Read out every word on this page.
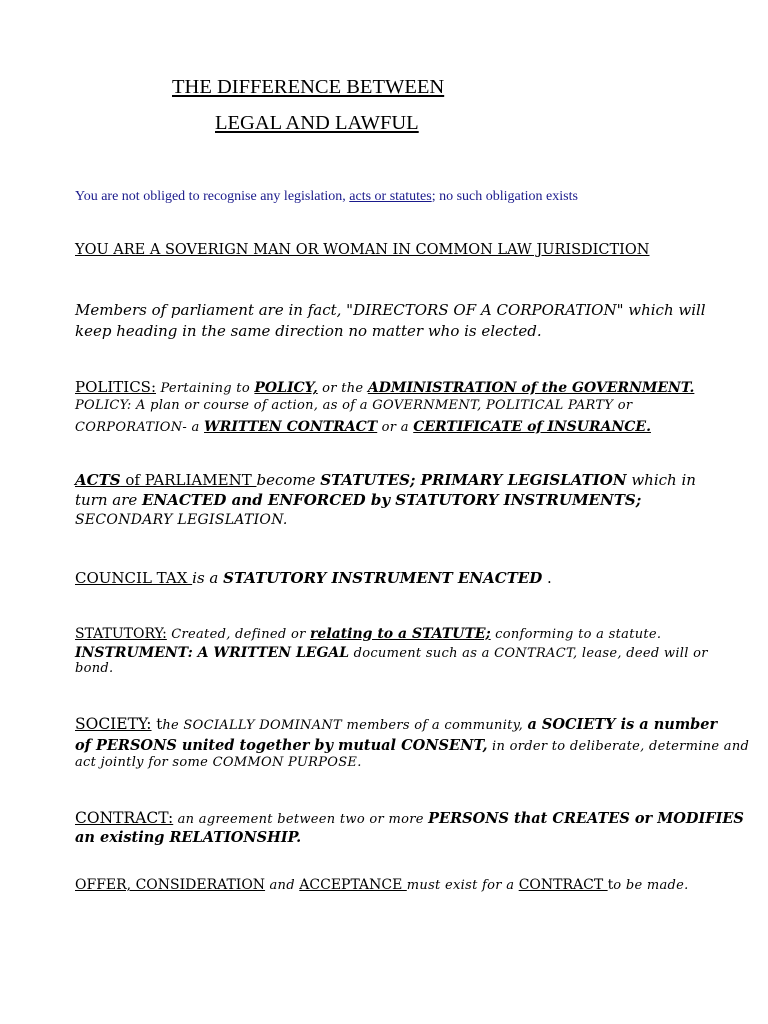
THE DIFFERENCE BETWEEN
LEGAL AND LAWFUL
You are not obliged to recognise any legislation, acts or statutes; no such obligation exists
YOU ARE A SOVERIGN MAN OR WOMAN IN COMMON LAW JURISDICTION
Members of parliament are in fact, "DIRECTORS OF A CORPORATION" which will
keep heading in the same direction no matter who is elected.
POLITICS: Pertaining to POLICY, or the ADMINISTRATION of the GOVERNMENT.
POLICY: A plan or course of action, as of a GOVERNMENT, POLITICAL PARTY or
CORPORATION- a WRITTEN CONTRACT or a CERTIFICATE of INSURANCE.
ACTS of PARLIAMENT become STATUTES; PRIMARY LEGISLATION which in
turn are ENACTED and ENFORCED by STATUTORY INSTRUMENTS;
SECONDARY LEGISLATION.
COUNCIL TAX is a STATUTORY INSTRUMENT ENACTED .
STATUTORY: Created, defined or relating to a STATUTE; conforming to a statute.
INSTRUMENT: A WRITTEN LEGAL document such as a CONTRACT, lease, deed will or
bond.
SOCIETY: the SOCIALLY DOMINANT members of a community, a SOCIETY is a number
of PERSONS united together by mutual CONSENT, in order to deliberate, determine and
act jointly for some COMMON PURPOSE.
CONTRACT: an agreement between two or more PERSONS that CREATES or MODIFIES
an existing RELATIONSHIP.
OFFER, CONSIDERATION and ACCEPTANCE must exist for a CONTRACT to be made.
